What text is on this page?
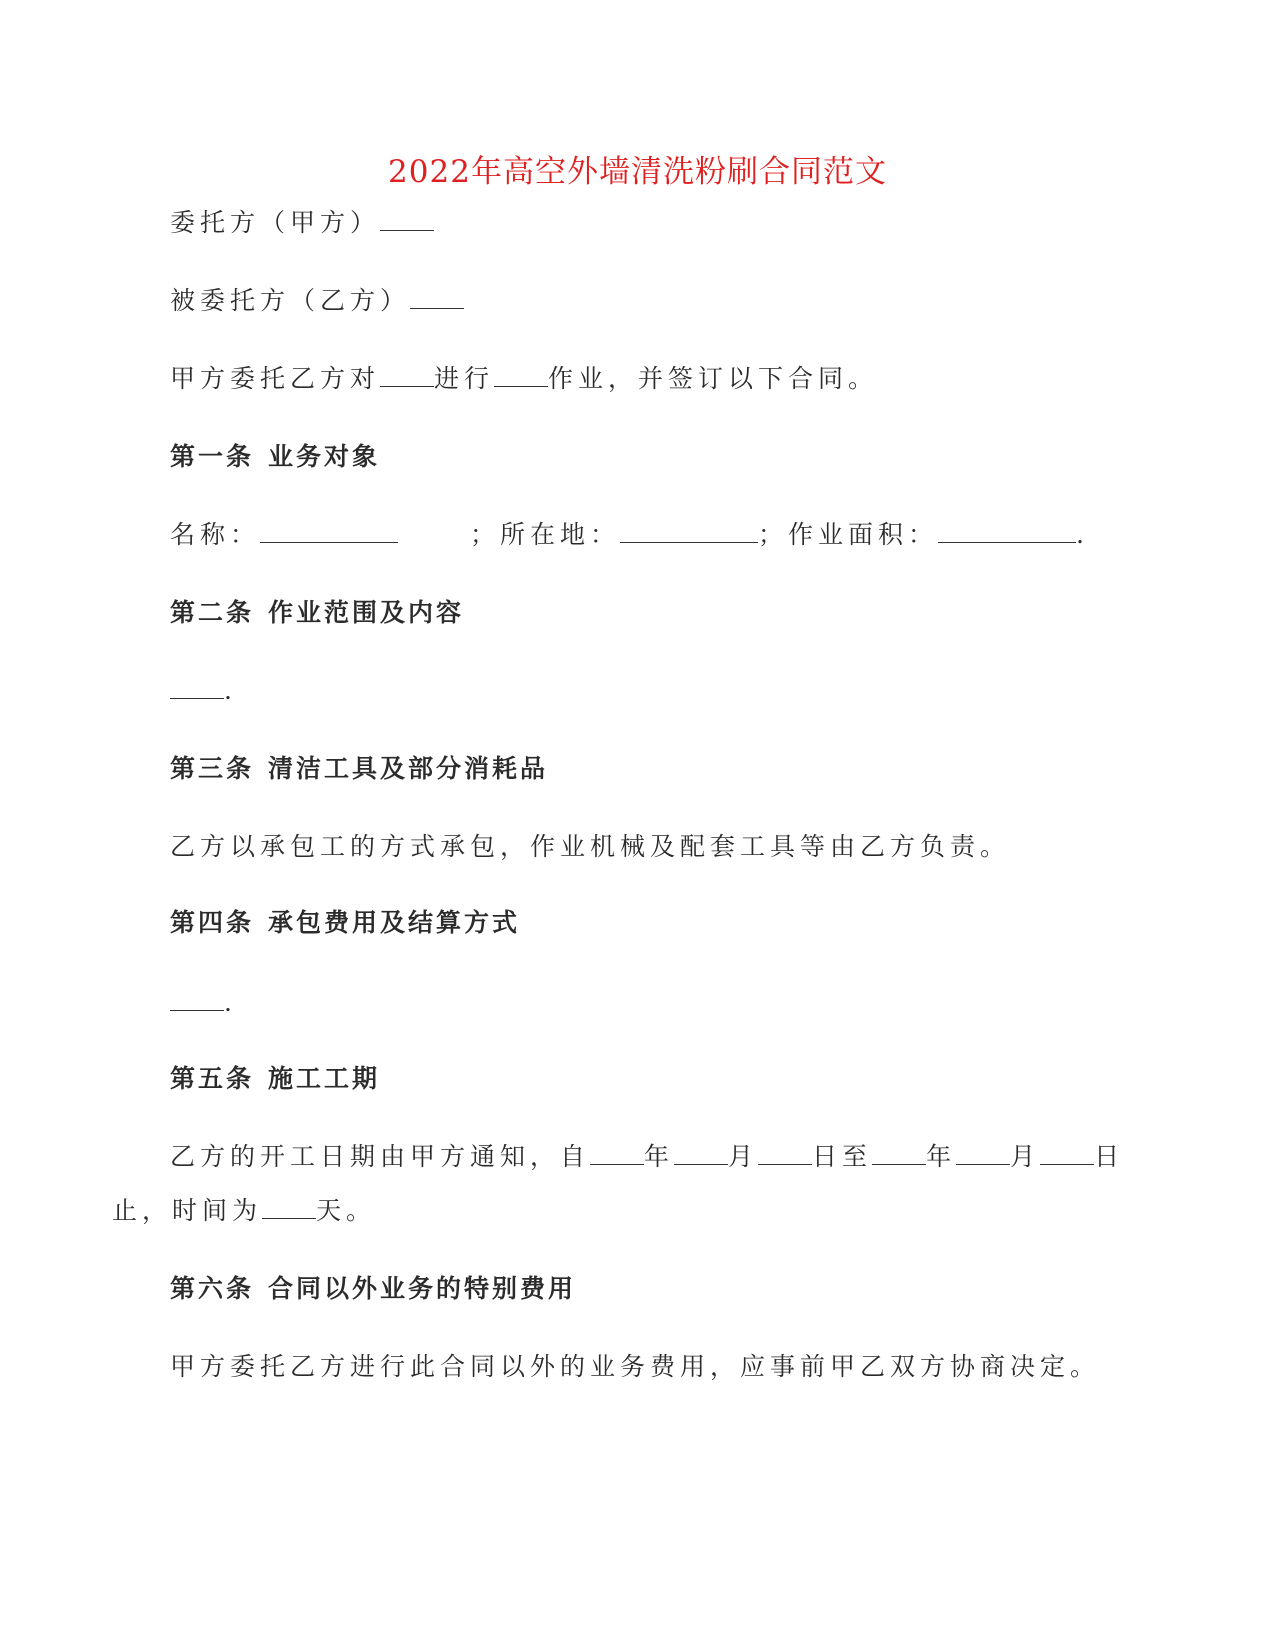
2022年高空外墙清洗粉刷合同范文
委托方（甲方）
被委托方（乙方）
甲方委托乙方对 进行 作业，并签订以下合同。
第一条 业务对象
名称：	；所在地：	；作业面积：	.
第二条 作业范围及内容
.
第三条 清洁工具及部分消耗品
乙方以承包工的方式承包，作业机械及配套工具等由乙方负责。
第四条 承包费用及结算方式
.
第五条 施工工期
乙方的开工日期由甲方通知，自 年 月 日至 年 月 日
止，时间为 天。
第六条 合同以外业务的特别费用
甲方委托乙方进行此合同以外的业务费用，应事前甲乙双方协商决定。
